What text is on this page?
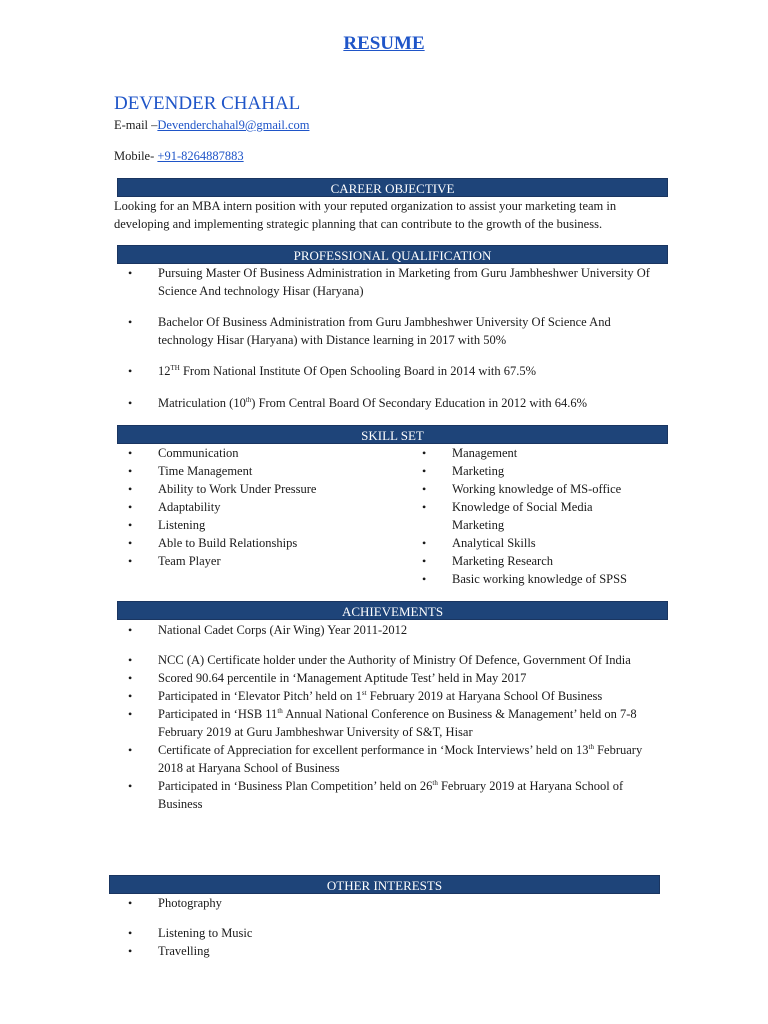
RESUME
DEVENDER CHAHAL
E-mail –Devenderchahal9@gmail.com
Mobile- +91-8264887883
CAREER OBJECTIVE
Looking for an MBA intern position with your reputed organization to assist your marketing team in developing and implementing strategic planning that can contribute to the growth of the business.
PROFESSIONAL QUALIFICATION
• Pursuing Master Of Business Administration in Marketing from Guru Jambheshwer University Of Science And technology Hisar (Haryana)
• Bachelor Of Business Administration from Guru Jambheshwer University Of Science And technology Hisar (Haryana) with Distance learning in 2017 with 50%
• 12TH From National Institute Of Open Schooling Board in 2014 with 67.5%
• Matriculation (10th) From Central Board Of Secondary Education in 2012 with 64.6%
SKILL SET
• Communication
• Time Management
• Ability to Work Under Pressure
• Adaptability
• Listening
• Able to Build Relationships
• Team Player
• Management
• Marketing
• Working knowledge of MS-office
• Knowledge of Social Media Marketing
• Analytical Skills
• Marketing Research
• Basic working knowledge of SPSS
ACHIEVEMENTS
• National Cadet Corps (Air Wing) Year 2011-2012
• NCC (A) Certificate holder under the Authority of Ministry Of Defence, Government Of India
• Scored 90.64 percentile in ‘Management Aptitude Test’ held in May 2017
• Participated in ‘Elevator Pitch’ held on 1st February 2019 at Haryana School Of Business
• Participated in ‘HSB 11th Annual National Conference on Business & Management’ held on 7-8 February 2019 at Guru Jambheshwar University of S&T, Hisar
• Certificate of Appreciation for excellent performance in ‘Mock Interviews’ held on 13th February 2018 at Haryana School of Business
• Participated in ‘Business Plan Competition’ held on 26th February 2019 at Haryana School of Business
OTHER INTERESTS
• Photography
• Listening to Music
• Travelling
